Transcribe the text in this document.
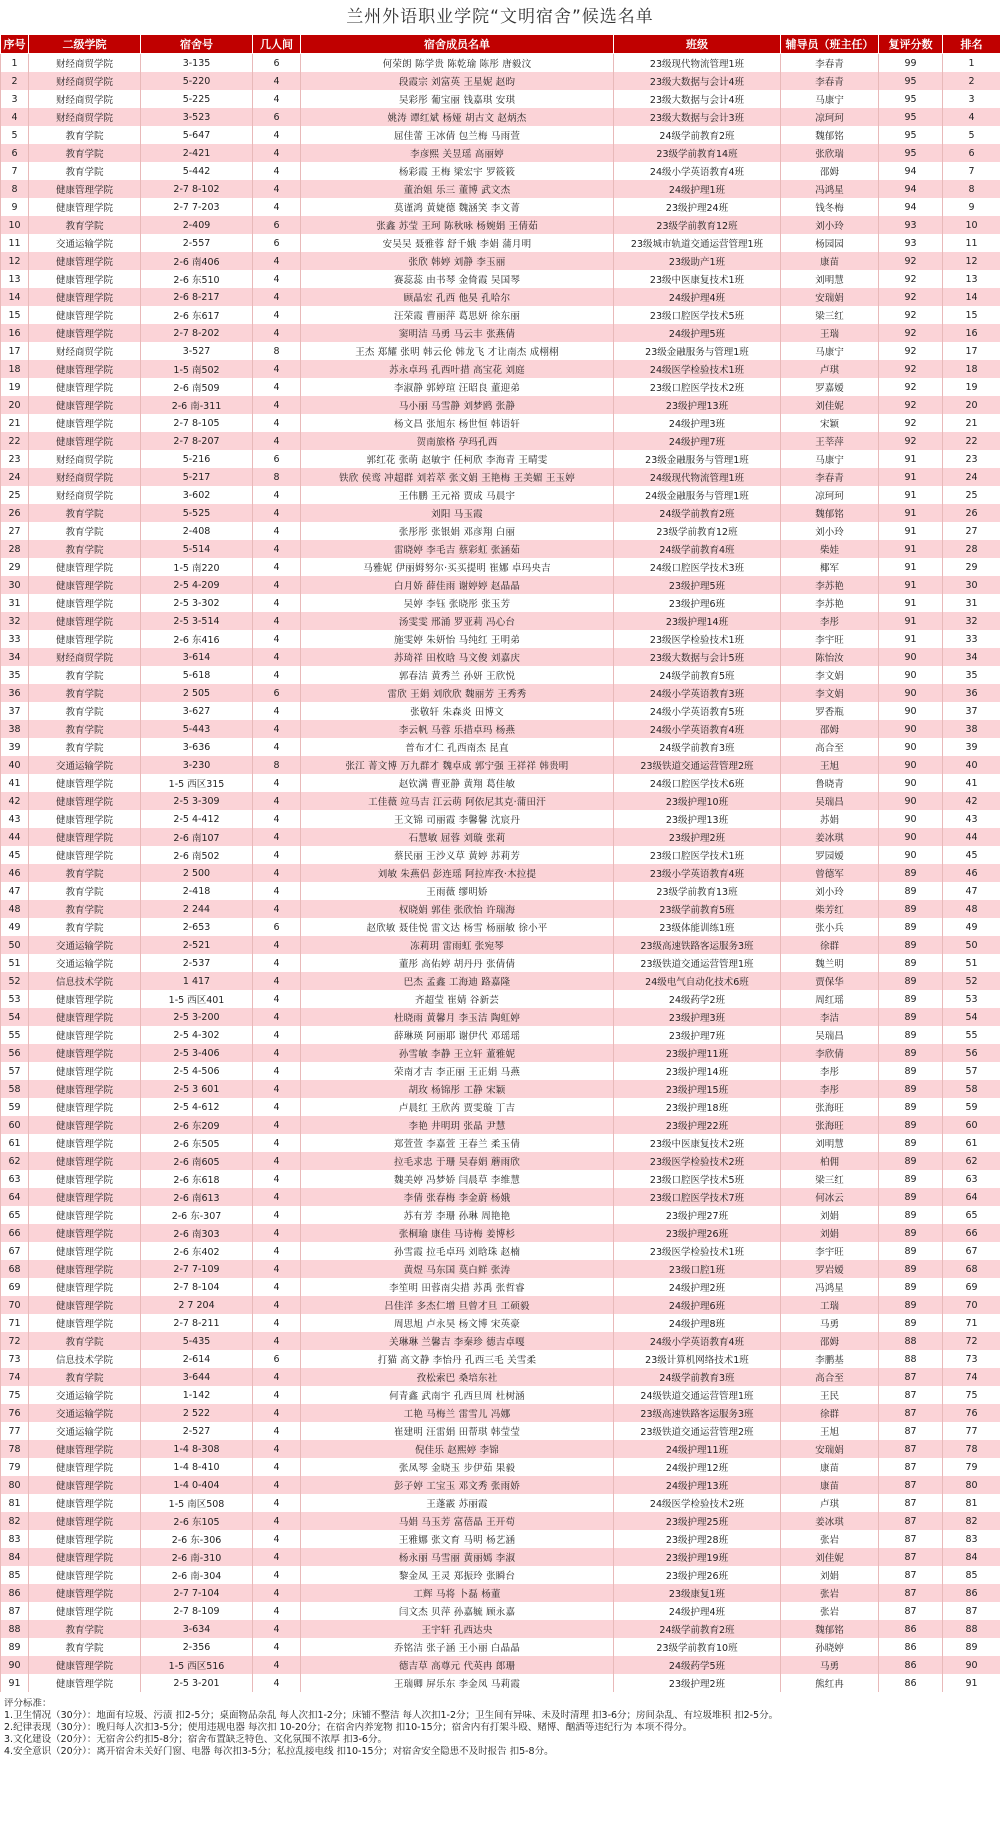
兰州外语职业学院“文明宿舍”候选名单
序号	二级学院	宿舍号	几人间	宿舍成员名单	班级	辅导员（班主任）	复评分数	排名
1	财经商贸学院	3-135	6	何荣朗 陈学贵 陈乾瑜 陈彤 唐毅汶	23级现代物流管理1班	李春青	99	1
2	财经商贸学院	5-220	4	段霞宗 刘富英 王星妮 赵昀	23级大数据与会计4班	李春青	95	2
3	财经商贸学院	5-225	4	吴彩彤 葡宝丽 钱嘉琪 安琪	23级大数据与会计4班	马康宁	95	3
4	财经商贸学院	3-523	6	姚涛 谭红斌 杨娅 胡古文 赵炳杰	23级大数据与会计3班	凉珂珂	95	4
5	教育学院	5-647	4	屈佳蕾 王冰倩 包兰梅 马雨萱	24级学前教育2班	魏郁铭	95	5
6	教育学院	2-421	4	李彦熙 关昱瑶 高丽婷	23级学前教育14班	张欣瑞	95	6
7	教育学院	5-442	4	杨彩霞 王梅 梁宏宇 罗筱筱	24级小学英语教育4班	邵姆	94	7
8	健康管理学院	2-7 8-102	4	董治姐 乐三 董博 武文杰	24级护理1班	冯鸿星	94	8
9	健康管理学院	2-7 7-203	4	莫谨鸿 黄婕德 魏涵笑 李文菁	23级护理24班	钱冬梅	94	9
10	教育学院	2-409	6	张鑫 苏莹 王珂 陈秋咏 杨婉娟 王倩茹	23级学前教育12班	刘小玲	93	10
11	交通运输学院	2-557	6	安吴吴 聂雅蓉 舒千娥 李娟 蒲月明	23级城市轨道交通运营管理1班	杨园园	93	11
12	健康管理学院	2-6 南406	4	张欣 韩婷 刘静 李玉丽	23级助产1班	康苗	92	12
13	健康管理学院	2-6 东510	4	赛蕊蕊 由书琴 金倚霞 吴国琴	23级中医康复技术1班	刘明慧	92	13
14	健康管理学院	2-6 8-217	4	顾晶宏 孔西 他昊 孔哈尔	24级护理4班	安瑞娟	92	14
15	健康管理学院	2-6 东617	4	汪荣霞 曹丽萍 葛思妍 徐东丽	23级口腔医学技术5班	梁三红	92	15
16	健康管理学院	2-7 8-202	4	窦明洁 马勇 马云丰 张燕倩	24级护理5班	王瑞	92	16
17	财经商贸学院	3-527	8	王杰 郑耀 张明 韩云伦 韩龙飞 才让南杰 成栩栩	23级金融服务与管理1班	马康宁	92	17
18	健康管理学院	1-5 南502	4	苏永卓玛 孔西叶措 高宝花 刘庭	24级医学检验技术1班	卢琪	92	18
19	健康管理学院	2-6 南509	4	李淑静 郭婷瑄 汪昭良 董迎弟	23级口腔医学技术2班	罗嘉嫒	92	19
20	健康管理学院	2-6 南-311	4	马小丽 马雪静 刘梦鸥 张静	23级护理13班	刘佳妮	92	20
21	健康管理学院	2-7 8-105	4	杨文昌 张旭东 杨世恒 韩语轩	24级护理3班	宋颖	92	21
22	健康管理学院	2-7 8-207	4	贺南旅格 孕玛孔西	24级护理7班	王莘萍	92	22
23	财经商贸学院	5-216	6	郭红花 张萌 赵敏宇 任柯欣 李海青 王晴雯	23级金融服务与管理1班	马康宁	91	23
24	财经商贸学院	5-217	8	铁欣 侯鸾 冲超群 刘若萃 张文娟 王艳梅 王美媚 王玉婷	24级现代物流管理1班	李春青	91	24
25	财经商贸学院	3-602	4	王伟鹏 王元裕 贾成 马晨宇	24级金融服务与管理1班	凉珂珂	91	25
26	教育学院	5-525	4	刘阳 马玉霞	24级学前教育2班	魏郁铭	91	26
27	教育学院	2-408	4	张彤彤 张银娟 邓彦翔 白丽	23级学前教育12班	刘小玲	91	27
28	教育学院	5-514	4	雷晓婷 李毛吉 蔡彩虹 张涵茹	24级学前教育4班	柴娃	91	28
29	健康管理学院	1-5 南220	4	马雅妮 伊丽姆努尔·买买提明 崔娜 卓玛央吉	24级口腔医学技术3班	椰军	91	29
30	健康管理学院	2-5 4-209	4	白月娇 薛佳雨 谢婷婷 赵晶晶	23级护理5班	李苏艳	91	30
31	健康管理学院	2-5 3-302	4	吴婷 李钰 张晓彤 张玉芳	23级护理6班	李苏艳	91	31
32	健康管理学院	2-5 3-514	4	汤雯雯 邢涌 罗亚莉 冯心台	23级护理14班	李彤	91	32
33	健康管理学院	2-6 东416	4	施雯婷 朱妍怡 马纯红 王明弟	23级医学检验技术1班	李宇旺	91	33
34	财经商贸学院	3-614	4	苏琦祥 田枚晗 马文俊 刘嘉庆	23级大数据与会计5班	陈怡汝	90	34
35	教育学院	5-618	4	郭春洁 黄秀兰 孙妍 王欣悦	24级学前教育5班	李文娟	90	35
36	教育学院	2 505	6	雷欣 王娟 刘欣欣 魏丽芳 王秀秀	24级小学英语教育3班	李文娟	90	36
37	教育学院	3-627	4	张敬轩 朱森炎 田博文	24级小学英语教育5班	罗香瓶	90	37
38	教育学院	5-443	4	李云帆 马蓉 乐措卓玛 杨燕	24级小学英语教育4班	邵姆	90	38
39	教育学院	3-636	4	普布才仁 孔西南杰 昆直	24级学前教育3班	高合至	90	39
40	交通运输学院	3-230	8	张江 菁文博 万九群才 魏卓成 郭宁强 王祥祥 韩贵明	23级铁道交通运营管理2班	王旭	90	40
41	健康管理学院	1-5 西区315	4	赵钦满 曹亚静 黄翔 葛佳敏	24级口腔医学技术6班	鲁晓青	90	41
42	健康管理学院	2-5 3-309	4	工佳薇 竝马吉 江云萌 阿依尼其克·蒲田汗	23级护理10班	吴瑞昌	90	42
43	健康管理学院	2-5 4-412	4	王文锦 司丽霞 李馨馨 沈宸丹	23级护理13班	苏娟	90	43
44	健康管理学院	2-6 南107	4	石慧敏 屈蓉 刘璇 张莉	23级护理2班	姜冰琪	90	44
45	健康管理学院	2-6 南502	4	蔡民丽 王沙义草 黄婷 苏莉芳	23级口腔医学技术1班	罗园嫒	90	45
46	教育学院	2 500	4	刘敏 朱燕侣 彭连瑶 阿拉库孜·木拉提	23级小学英语教育4班	曾德军	89	46
47	教育学院	2-418	4	王雨薇 缪明娇	23级学前教育13班	刘小玲	89	47
48	教育学院	2 244	4	权晓娟 郭佳 张欣怡 许瑞海	23级学前教育5班	柴芳红	89	48
49	教育学院	2-653	6	赵欣敏 聂佳悦 雷文达 杨雪 杨丽敏 徐小平	23级体能训练1班	张小兵	89	49
50	交通运输学院	2-521	4	冻莉玥 雷雨虹 张宛琴	23级高速铁路客运服务3班	徐群	89	50
51	交通运输学院	2-537	4	董彤 高佑婷 胡丹丹 张倩倩	23级铁道交通运营管理1班	魏兰明	89	51
52	信息技术学院	1 417	4	巴杰 孟鑫 工海迪 路嘉隆	24级电气自动化技术6班	贾保华	89	52
53	健康管理学院	1-5 西区401	4	齐超莹 崔婧 谷新芸	24级药学2班	周红瑶	89	53
54	健康管理学院	2-5 3-200	4	杜晓雨 黄馨月 李玉洁 陶虹婷	23级护理3班	李洁	89	54
55	健康管理学院	2-5 4-302	4	薛琳瑛 阿丽耶 谢伊代 邓瑶瑶	23级护理7班	吴瑞昌	89	55
56	健康管理学院	2-5 3-406	4	孙雪敏 李静 王立轩 董雅妮	23级护理11班	李欣倩	89	56
57	健康管理学院	2-5 4-506	4	荣南才吉 李正丽 王正娟 马燕	23级护理14班	李彤	89	57
58	健康管理学院	2-5 3 601	4	胡玫 杨锦彤 工静 宋颖	23级护理15班	李彤	89	58
59	健康管理学院	2-5 4-612	4	卢晨红 王欣芮 贾雯璇 丁吉	23级护理18班	张海旺	89	59
60	健康管理学院	2-6 东209	4	李艳 井明玥 张晶 尹慧	23级护理22班	张海旺	89	60
61	健康管理学院	2-6 东505	4	郑萱萱 李嘉萱 王春兰 柔玉倩	23级中医康复技术2班	刘明慧	89	61
62	健康管理学院	2-6 南605	4	拉毛求忠 于珊 吴春娟 蘑雨欣	23级医学检验技术2班	柏佣	89	62
63	健康管理学院	2-6 东618	4	魏美婷 冯梦娇 闫晨草 李维慧	23级口腔医学技术5班	梁三红	89	63
64	健康管理学院	2-6 南613	4	李倩 张春梅 李金蔚 杨娥	23级口腔医学技术7班	何冰云	89	64
65	健康管理学院	2-6 东-307	4	苏有芳 李珊 孙琳 周艳艳	23级护理27班	刘娟	89	65
66	健康管理学院	2-6 南303	4	张桐瑜 康佳 马诗梅 姜博杉	23级护理26班	刘娟	89	66
67	健康管理学院	2-6 东402	4	孙雪霞 拉毛卓玛 刘晗珠 赵楠	23级医学检验技术1班	李宇旺	89	67
68	健康管理学院	2-7 7-109	4	黄煜 马东国 莫白鲜 张涛	23级口腔1班	罗岩嫒	89	68
69	健康管理学院	2-7 8-104	4	李笙明 田蓉南尖措 苏禹 张哲睿	24级护理2班	冯鸿星	89	69
70	健康管理学院	2 7 204	4	吕佳洋 多杰仁增 旦曾才旦 工硕毅	24级护理6班	工瑞	89	70
71	健康管理学院	2-7 8-211	4	周思旭 卢永昊 杨文博 宋英豪	24级护理8班	马勇	89	71
72	教育学院	5-435	4	关琳琳 兰馨吉 李秦珍 德吉卓嘎	24级小学英语教育4班	邵姆	88	72
73	信息技术学院	2-614	6	打猫 高文静 李怡丹 孔西三毛 关雪柔	23级计算机网络技术1班	李鹏基	88	73
74	教育学院	3-644	4	孜松索巴 桑培东社	24级学前教育3班	高合至	87	74
75	交通运输学院	1-142	4	何青鑫 武南宇 孔西旦周 杜树涵	24级铁道交通运营管理1班	王民	87	75
76	交通运输学院	2 522	4	工艳 马梅兰 雷雪儿 冯娜	23级高速铁路客运服务3班	徐群	87	76
77	交通运输学院	2-527	4	崔建明 汪雷娟 田帮琪 韩莹莹	23级铁道交通运营管理2班	王旭	87	77
78	健康管理学院	1-4 8-308	4	倪佳乐 赵熙婷 李锦	24级护理11班	安瑞娟	87	78
79	健康管理学院	1-4 8-410	4	张凤琴 金晓玉 步伊茹 果毅	24级护理12班	康苗	87	79
80	健康管理学院	1-4 0-404	4	彭子婷 工宝玉 邓文秀 张雨娇	24级护理13班	康苗	87	80
81	健康管理学院	1-5 南区508	4	王蓬霰 苏丽霞	24级医学检验技术2班	卢琪	87	81
82	健康管理学院	2-6 东105	4	马娟 马玉芳 富蓓晶 王开苟	23级护理25班	姜冰琪	87	82
83	健康管理学院	2-6 东-306	4	王雅娜 张文育 马明 杨艺涵	23级护理28班	张岩	87	83
84	健康管理学院	2-6 南-310	4	杨永丽 马雪丽 黄丽嫣 李淑	23级护理19班	刘佳妮	87	84
85	健康管理学院	2-6 南-304	4	黎金凤 王灵 郑振玲 张瞬台	23级护理26班	刘娟	87	85
86	健康管理学院	2-7 7-104	4	工辉 马将 卜磊 杨董	23级康复1班	张岩	87	86
87	健康管理学院	2-7 8-109	4	闫文杰 贝萍 孙嘉毓 顾永嘉	24级护理4班	张岩	87	87
88	教育学院	3-634	4	王宇轩 孔西达央	24级学前教育2班	魏郁铭	86	88
89	教育学院	2-356	4	乔铭洁 张子涵 王小丽 白晶晶	23级学前教育10班	孙晓婷	86	89
90	健康管理学院	1-5 西区516	4	德吉草 高尊元 代英冉 郎珊	24级药学5班	马勇	86	90
91	健康管理学院	2-5 3-201	4	王瑞卿 屏乐东 李金凤 马莉霞	23级护理2班	熊红冉	86	91
评分标准：
1.卫生情况（30分）：地面有垃圾、污渍 扣2-5分；桌面物品杂乱 每人次扣1-2分；床铺不整洁 每人次扣1-2分；卫生间有异味、未及时清理 扣3-6分；房间杂乱、有垃圾堆积 扣2-5分。
2.纪律表现（30分）：晚归每人次扣3-5分；使用违规电器 每次扣 10-20分；在宿舍内养宠物 扣10-15分；宿舍内有打架斗殴、赌博、酗酒等违纪行为 本项不得分。
3.文化建设（20分）：无宿舍公约扣5-8分；宿舍布置缺乏特色、文化氛围不浓厚 扣3-6分。
4.安全意识（20分）：离开宿舍未关好门窗、电器 每次扣3-5分；私拉乱接电线 扣10-15分；对宿舍安全隐患不及时报告 扣5-8分。
